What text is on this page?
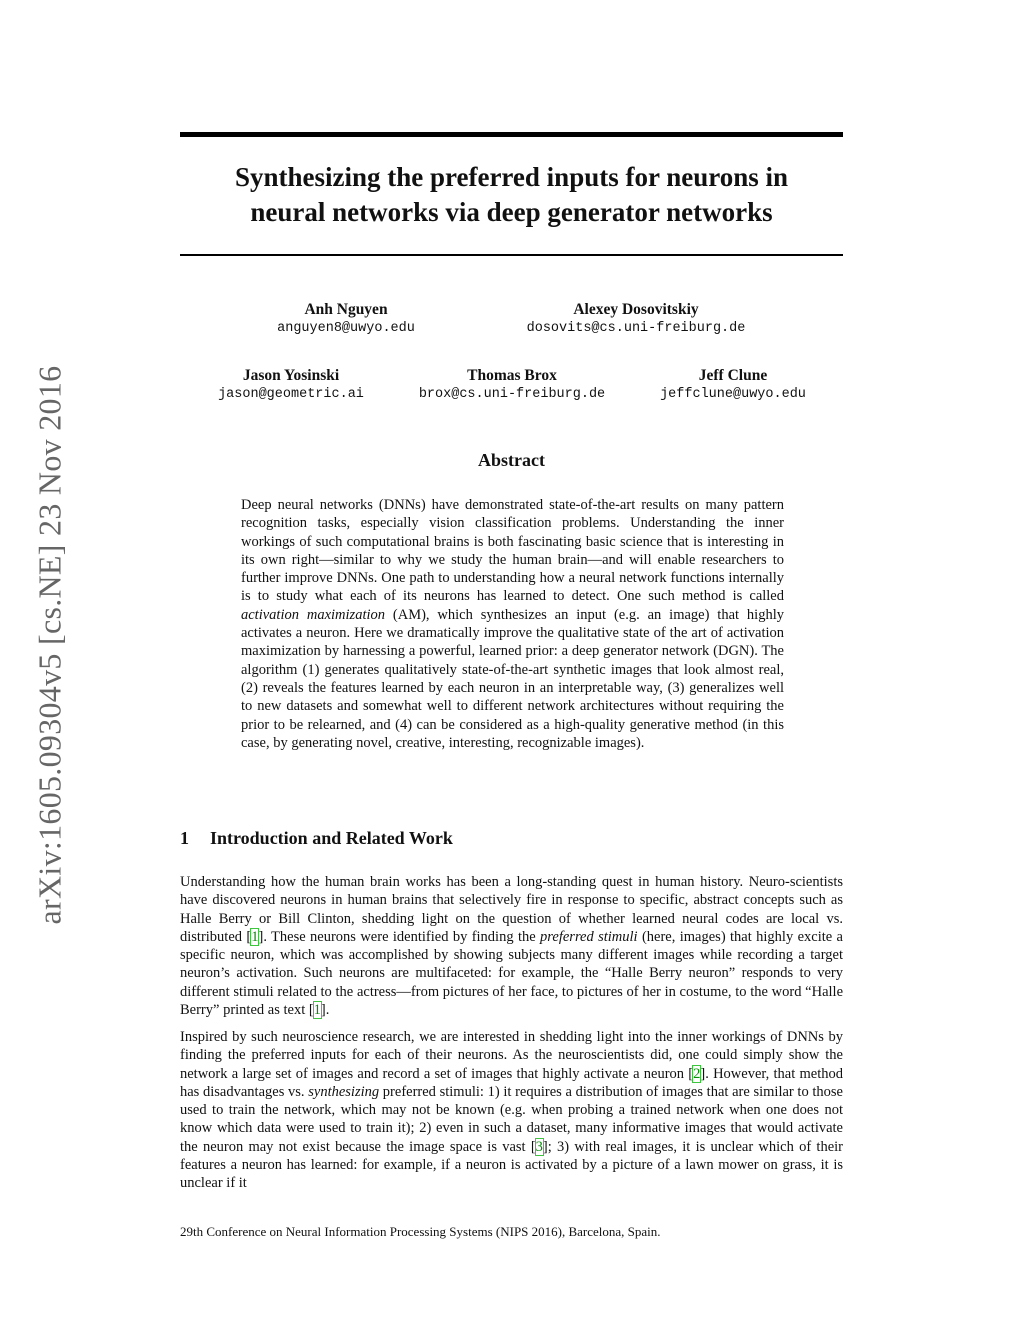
arXiv:1605.09304v5 [cs.NE] 23 Nov 2016
Synthesizing the preferred inputs for neurons in
neural networks via deep generator networks
Anh Nguyen
anguyen8@uwyo.edu
Alexey Dosovitskiy
dosovits@cs.uni-freiburg.de
Jason Yosinski
jason@geometric.ai
Thomas Brox
brox@cs.uni-freiburg.de
Jeff Clune
jeffclune@uwyo.edu
Abstract

Deep neural networks (DNNs) have demonstrated state-of-the-art results on many pattern recognition tasks, especially vision classification problems. Understanding the inner workings of such computational brains is both fascinating basic science that is interesting in its own right—similar to why we study the human brain—and will enable researchers to further improve DNNs. One path to understanding how a neural network functions internally is to study what each of its neurons has learned to detect. One such method is called activation maximization (AM), which synthesizes an input (e.g. an image) that highly activates a neuron. Here we dramatically improve the qualitative state of the art of activation maximization by harnessing a powerful, learned prior: a deep generator network (DGN). The algorithm (1) generates qualitatively state-of-the-art synthetic images that look almost real, (2) reveals the features learned by each neuron in an interpretable way, (3) generalizes well to new datasets and somewhat well to different network architectures without requiring the prior to be relearned, and (4) can be considered as a high-quality generative method (in this case, by generating novel, creative, interesting, recognizable images).

1 Introduction and Related Work

Understanding how the human brain works has been a long-standing quest in human history. Neuro-scientists have discovered neurons in human brains that selectively fire in response to specific, abstract concepts such as Halle Berry or Bill Clinton, shedding light on the question of whether learned neural codes are local vs. distributed [1]. These neurons were identified by finding the preferred stimuli (here, images) that highly excite a specific neuron, which was accomplished by showing subjects many different images while recording a target neuron’s activation. Such neurons are multifaceted: for example, the “Halle Berry neuron” responds to very different stimuli related to the actress—from pictures of her face, to pictures of her in costume, to the word “Halle Berry” printed as text [1].

Inspired by such neuroscience research, we are interested in shedding light into the inner workings of DNNs by finding the preferred inputs for each of their neurons. As the neuroscientists did, one could simply show the network a large set of images and record a set of images that highly activate a neuron [2]. However, that method has disadvantages vs. synthesizing preferred stimuli: 1) it requires a distribution of images that are similar to those used to train the network, which may not be known (e.g. when probing a trained network when one does not know which data were used to train it); 2) even in such a dataset, many informative images that would activate the neuron may not exist because the image space is vast [3]; 3) with real images, it is unclear which of their features a neuron has learned: for example, if a neuron is activated by a picture of a lawn mower on grass, it is unclear if it

29th Conference on Neural Information Processing Systems (NIPS 2016), Barcelona, Spain.
